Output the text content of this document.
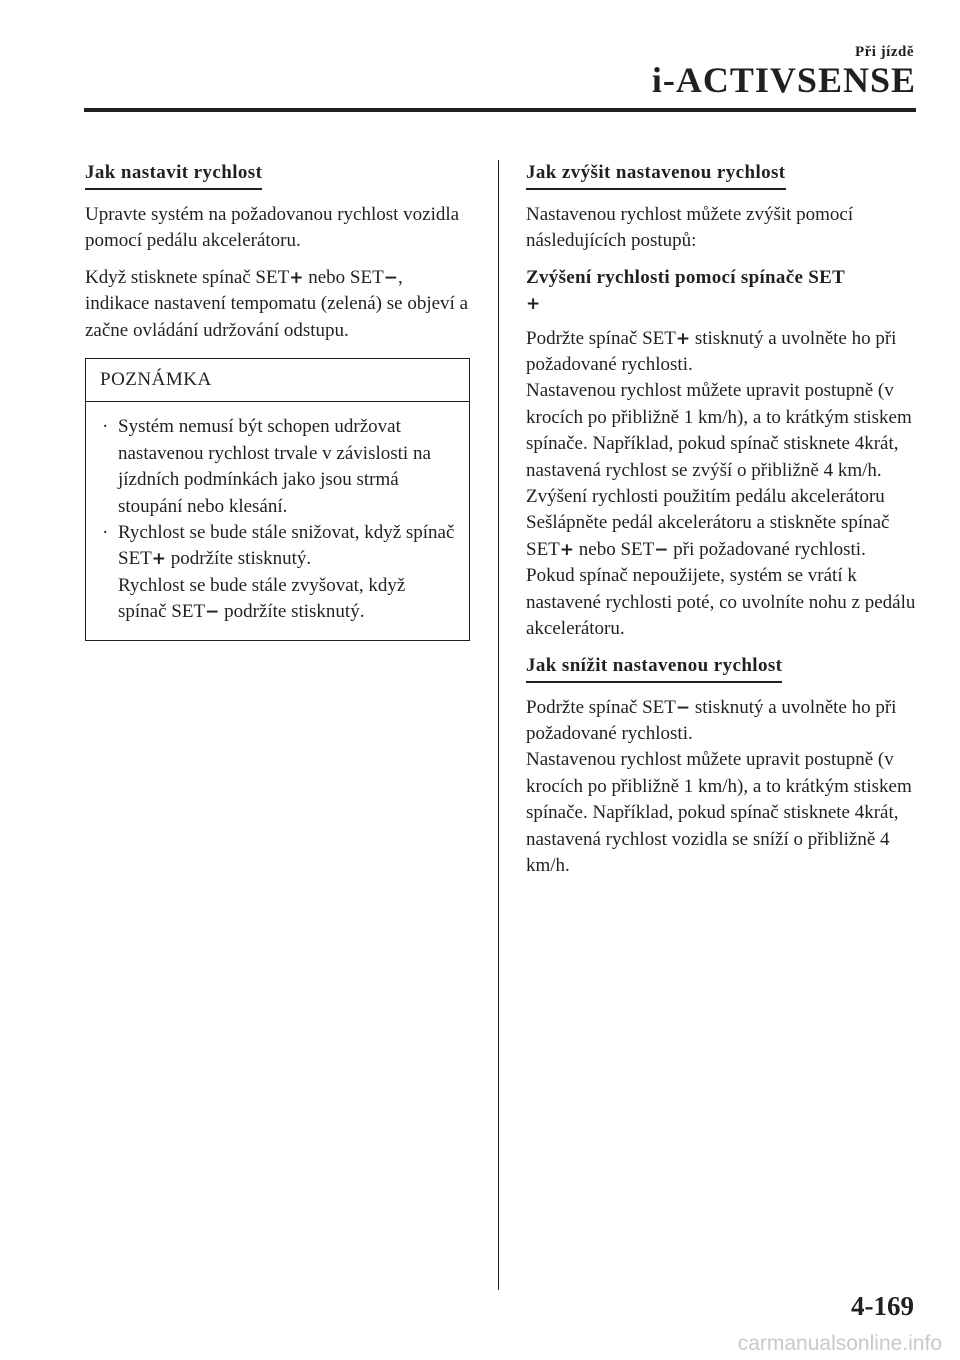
Při jízdě
i-ACTIVSENSE
Jak nastavit rychlost

Upravte systém na požadovanou rychlost vozidla pomocí pedálu akcelerátoru.

Když stisknete spínač SET+ nebo SET−, indikace nastavení tempomatu (zelená) se objeví a začne ovládání udržování odstupu.

POZNÁMKA
· Systém nemusí být schopen udržovat nastavenou rychlost trvale v závislosti na jízdních podmínkách jako jsou strmá stoupání nebo klesání.
· Rychlost se bude stále snižovat, když spínač SET+ podržíte stisknutý.
Rychlost se bude stále zvyšovat, když spínač SET− podržíte stisknutý.
Jak zvýšit nastavenou rychlost

Nastavenou rychlost můžete zvýšit pomocí následujících postupů:

Zvýšení rychlosti pomocí spínače SET
+

Podržte spínač SET+ stisknutý a uvolněte ho při požadované rychlosti.
Nastavenou rychlost můžete upravit postupně (v krocích po přibližně 1 km/h), a to krátkým stiskem spínače. Například, pokud spínač stisknete 4krát, nastavená rychlost se zvýší o přibližně 4 km/h.
Zvýšení rychlosti použitím pedálu akcelerátoru
Sešlápněte pedál akcelerátoru a stiskněte spínač SET+ nebo SET− při požadované rychlosti.
Pokud spínač nepoužijete, systém se vrátí k nastavené rychlosti poté, co uvolníte nohu z pedálu akcelerátoru.

Jak snížit nastavenou rychlost

Podržte spínač SET− stisknutý a uvolněte ho při požadované rychlosti.
Nastavenou rychlost můžete upravit postupně (v krocích po přibližně 1 km/h), a to krátkým stiskem spínače. Například, pokud spínač stisknete 4krát, nastavená rychlost vozidla se sníží o přibližně 4 km/h.

4-169
carmanualsonline.info
